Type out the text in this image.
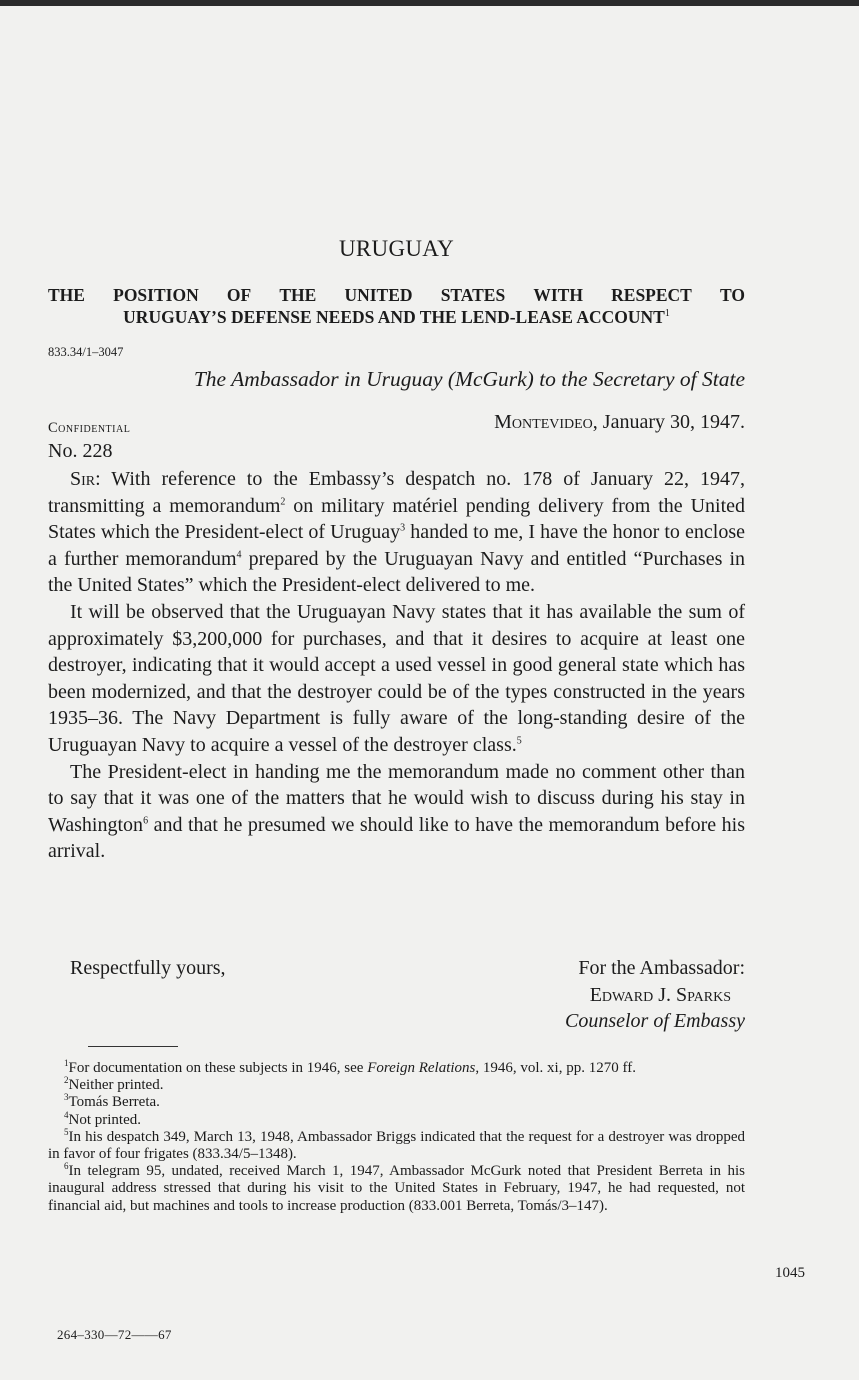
URUGUAY
THE POSITION OF THE UNITED STATES WITH RESPECT TO
URUGUAY’S DEFENSE NEEDS AND THE LEND-LEASE ACCOUNT$^1$
833.34/1–3047
The Ambassador in Uruguay (McGurk) to the Secretary of State
Confidential	Montevideo, January 30, 1947.
No. 228

Sir: With reference to the Embassy’s despatch no. 178 of January 22, 1947, transmitting a memorandum$^2$ on military matériel pending delivery from the United States which the President-elect of Uruguay$^3$ handed to me, I have the honor to enclose a further memorandum$^4$ prepared by the Uruguayan Navy and entitled “Purchases in the United States” which the President-elect delivered to me.

It will be observed that the Uruguayan Navy states that it has available the sum of approximately $3,200,000 for purchases, and that it desires to acquire at least one destroyer, indicating that it would accept a used vessel in good general state which has been modernized, and that the destroyer could be of the types constructed in the years 1935–36. The Navy Department is fully aware of the long-standing desire of the Uruguayan Navy to acquire a vessel of the destroyer class.$^5$

The President-elect in handing me the memorandum made no comment other than to say that it was one of the matters that he would wish to discuss during his stay in Washington$^6$ and that he presumed we should like to have the memorandum before his arrival.

Respectfully yours,	For the Ambassador:
Edward J. Sparks
Counselor of Embassy

$^1$For documentation on these subjects in 1946, see Foreign Relations, 1946, vol. xi, pp. 1270 ff.

$^2$Neither printed.

$^3$Tomás Berreta.

$^4$Not printed.

$^5$In his despatch 349, March 13, 1948, Ambassador Briggs indicated that the request for a destroyer was dropped in favor of four frigates (833.34/5–1348).

$^6$In telegram 95, undated, received March 1, 1947, Ambassador McGurk noted that President Berreta in his inaugural address stressed that during his visit to the United States in February, 1947, he had requested, not financial aid, but machines and tools to increase production (833.001 Berreta, Tomás/3–147).

1045
264–330—72——67
